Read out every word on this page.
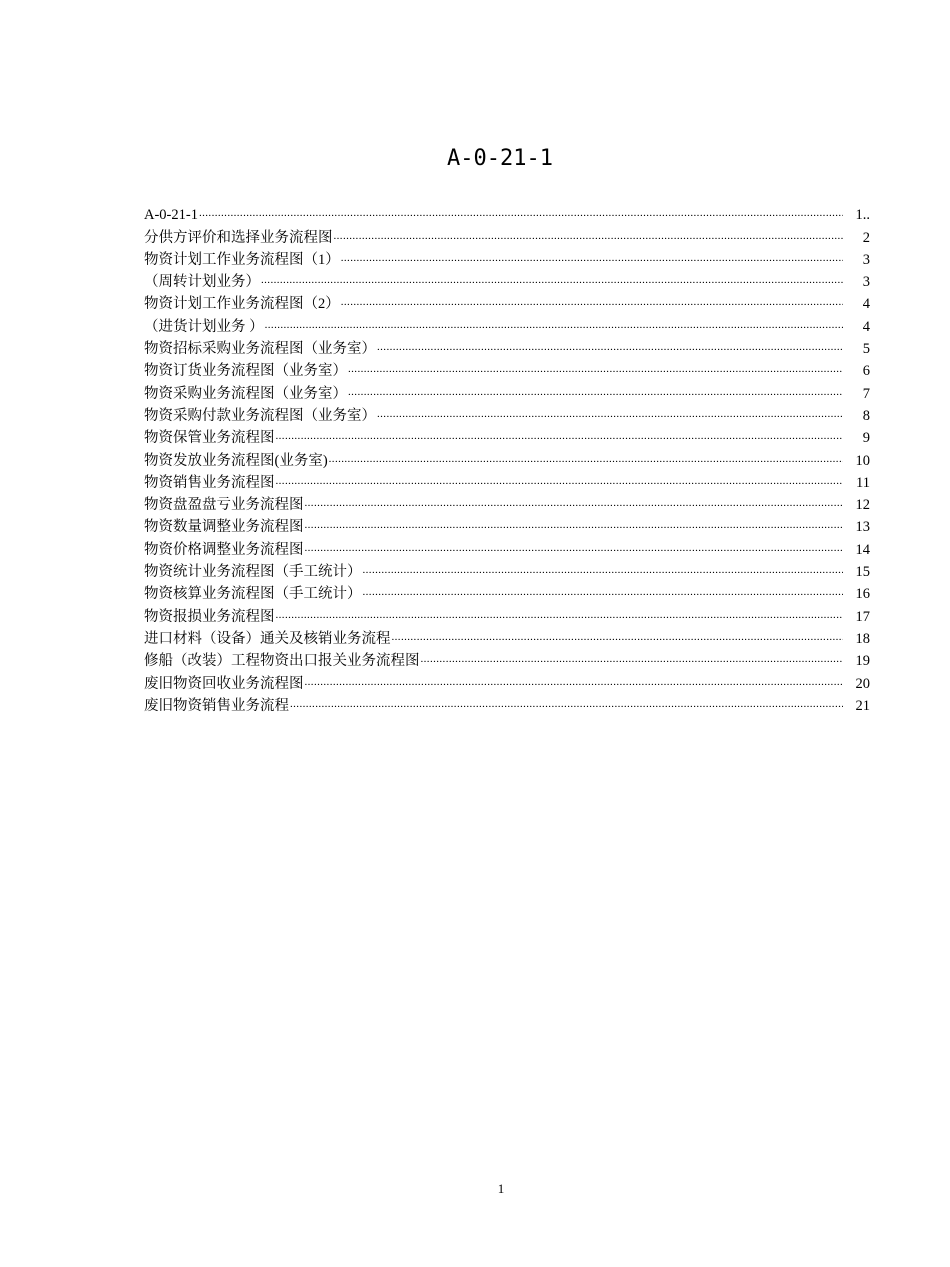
A-0-21-1
A-0-21-1 .....	1..
分供方评价和选择业务流程图 .....	2
物资计划工作业务流程图（1） .....	3
（周转计划业务） .....	3
物资计划工作业务流程图（2） .....	4
（进货计划业务 ） .....	4
物资招标采购业务流程图（业务室） .....	5
物资订货业务流程图（业务室） .....	6
物资采购业务流程图（业务室） .....	7
物资采购付款业务流程图（业务室） .....	8
物资保管业务流程图 .....	9
物资发放业务流程图(业务室) .....	10
物资销售业务流程图 .....	11
物资盘盈盘亏业务流程图 .....	12
物资数量调整业务流程图 .....	13
物资价格调整业务流程图 .....	14
物资统计业务流程图（手工统计） .....	15
物资核算业务流程图（手工统计） .....	16
物资报损业务流程图 .....	17
进口材料（设备）通关及核销业务流程 .....	18
修船（改装）工程物资出口报关业务流程图 .....	19
废旧物资回收业务流程图 .....	20
废旧物资销售业务流程 .....	21
1
